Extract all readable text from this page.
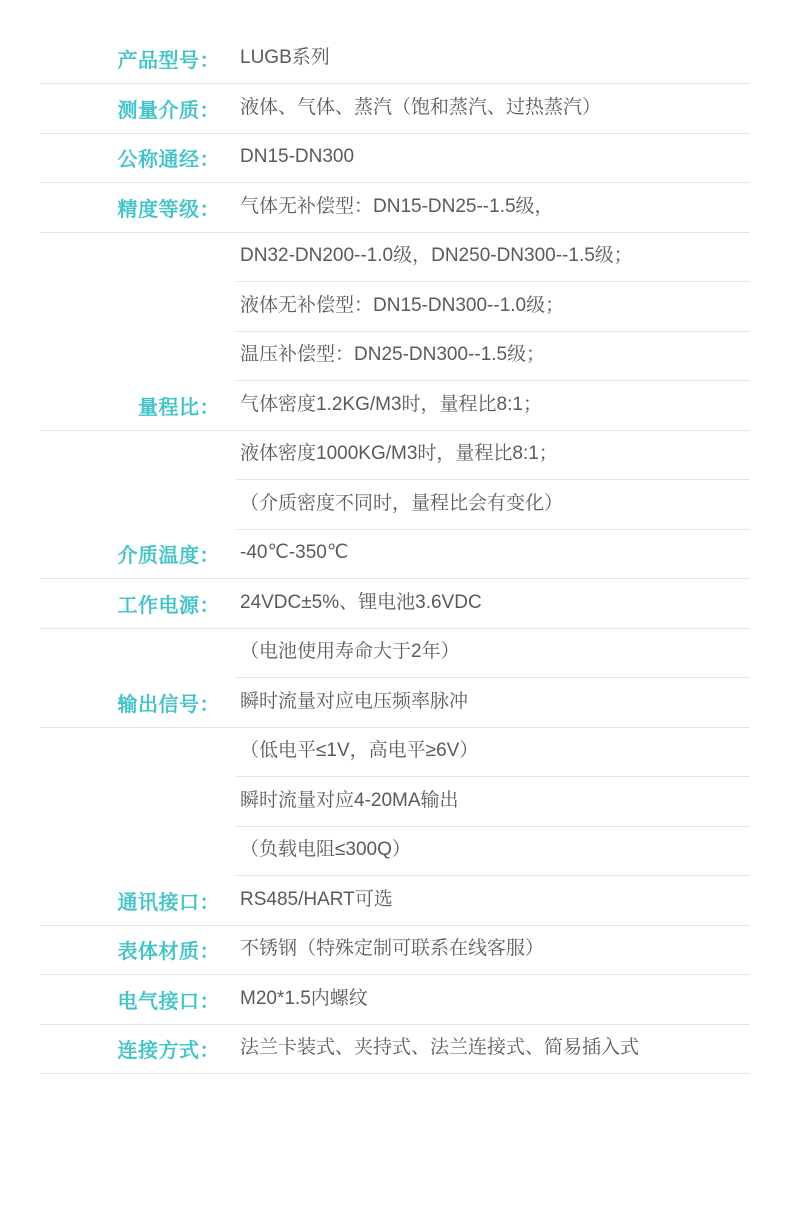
产品型号：	LUGB系列
测量介质：	液体、气体、蒸汽（饱和蒸汽、过热蒸汽）
公称通经：	DN15-DN300
精度等级：	气体无补偿型：DN15-DN25--1.5级，
	DN32-DN200--1.0级，DN250-DN300--1.5级；
	液体无补偿型：DN15-DN300--1.0级；
	温压补偿型：DN25-DN300--1.5级；
量程比：	气体密度1.2KG/M3时，量程比8:1；
	液体密度1000KG/M3时，量程比8:1；
	（介质密度不同时，量程比会有变化）
介质温度：	-40℃-350℃
工作电源：	24VDC±5%、锂电池3.6VDC
	（电池使用寿命大于2年）
输出信号：	瞬时流量对应电压频率脉冲
	（低电平≤1V，高电平≥6V）
	瞬时流量对应4-20MA输出
	（负载电阻≤300Q）
通讯接口：	RS485/HART可选
表体材质：	不锈钢（特殊定制可联系在线客服）
电气接口：	M20*1.5内螺纹
连接方式：	法兰卡装式、夹持式、法兰连接式、简易插入式
